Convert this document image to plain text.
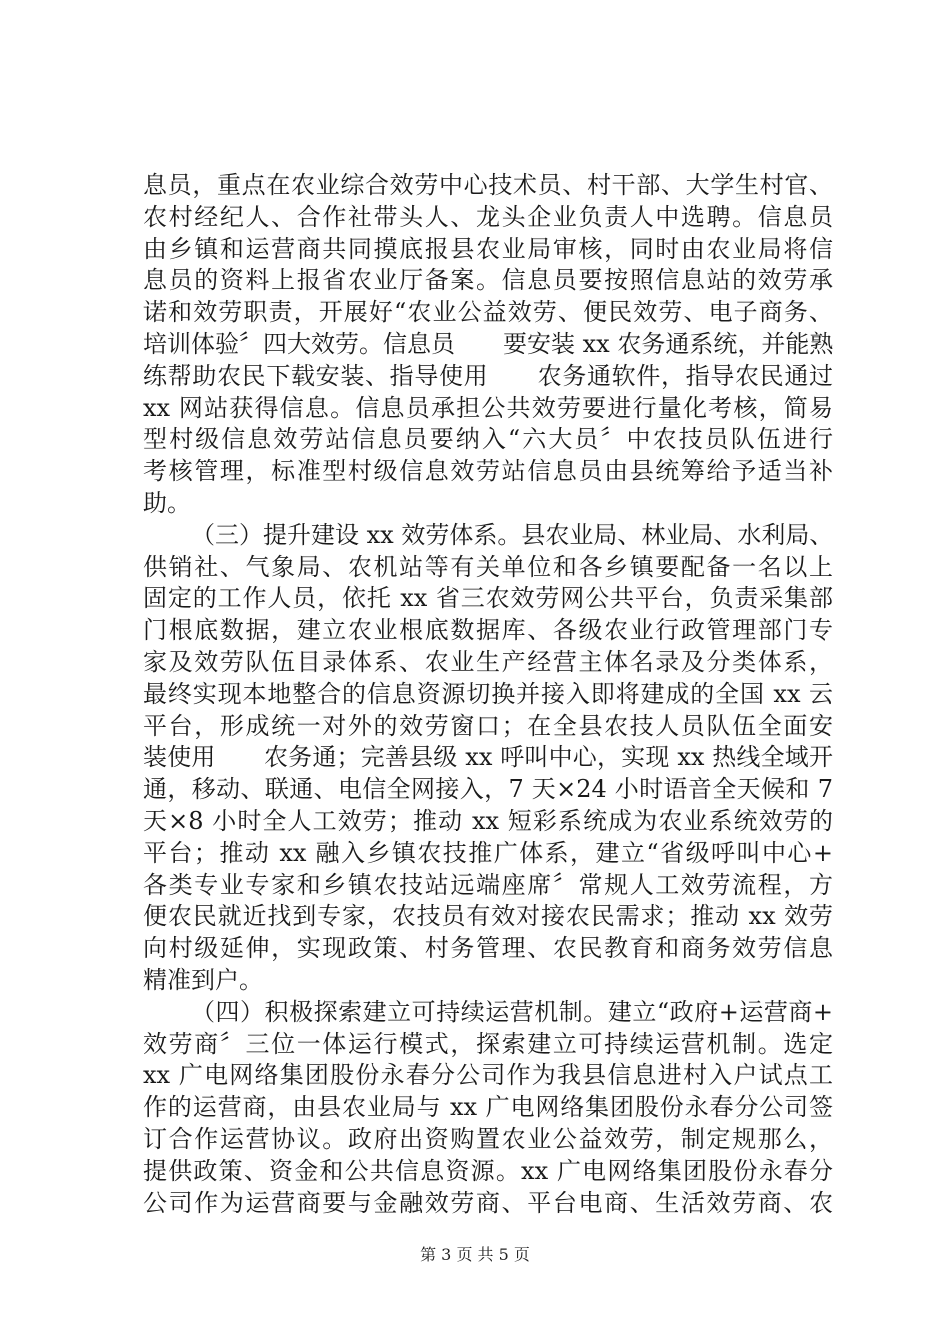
息员，重点在农业综合效劳中心技术员、村干部、大学生村官、
农村经纪人、合作社带头人、龙头企业负责人中选聘。信息员
由乡镇和运营商共同摸底报县农业局审核，同时由农业局将信
息员的资料上报省农业厅备案。信息员要按照信息站的效劳承
诺和效劳职责，开展好“农业公益效劳、便民效劳、电子商务、
培训体验〞四大效劳。信息员　　要安装 xx 农务通系统，并能熟
练帮助农民下载安装、指导使用　　农务通软件，指导农民通过
xx 网站获得信息。信息员承担公共效劳要进行量化考核，简易
型村级信息效劳站信息员要纳入“六大员〞中农技员队伍进行
考核管理，标准型村级信息效劳站信息员由县统筹给予适当补
助。
（三）提升建设 xx 效劳体系。县农业局、林业局、水利局、
供销社、气象局、农机站等有关单位和各乡镇要配备一名以上
固定的工作人员，依托 xx 省三农效劳网公共平台，负责采集部
门根底数据，建立农业根底数据库、各级农业行政管理部门专
家及效劳队伍目录体系、农业生产经营主体名录及分类体系，
最终实现本地整合的信息资源切换并接入即将建成的全国 xx 云
平台，形成统一对外的效劳窗口；在全县农技人员队伍全面安
装使用　　农务通；完善县级 xx 呼叫中心，实现 xx 热线全域开
通，移动、联通、电信全网接入，7 天×24 小时语音全天候和 7
天×8 小时全人工效劳；推动 xx 短彩系统成为农业系统效劳的
平台；推动 xx 融入乡镇农技推广体系，建立“省级呼叫中心+
各类专业专家和乡镇农技站远端座席〞常规人工效劳流程，方
便农民就近找到专家，农技员有效对接农民需求；推动 xx 效劳
向村级延伸，实现政策、村务管理、农民教育和商务效劳信息
精准到户。
（四）积极探索建立可持续运营机制。建立“政府+运营商+
效劳商〞三位一体运行模式，探索建立可持续运营机制。选定
xx 广电网络集团股份永春分公司作为我县信息进村入户试点工
作的运营商，由县农业局与 xx 广电网络集团股份永春分公司签
订合作运营协议。政府出资购置农业公益效劳，制定规那么，
提供政策、资金和公共信息资源。xx 广电网络集团股份永春分
公司作为运营商要与金融效劳商、平台电商、生活效劳商、农
第 3 页 共 5 页
